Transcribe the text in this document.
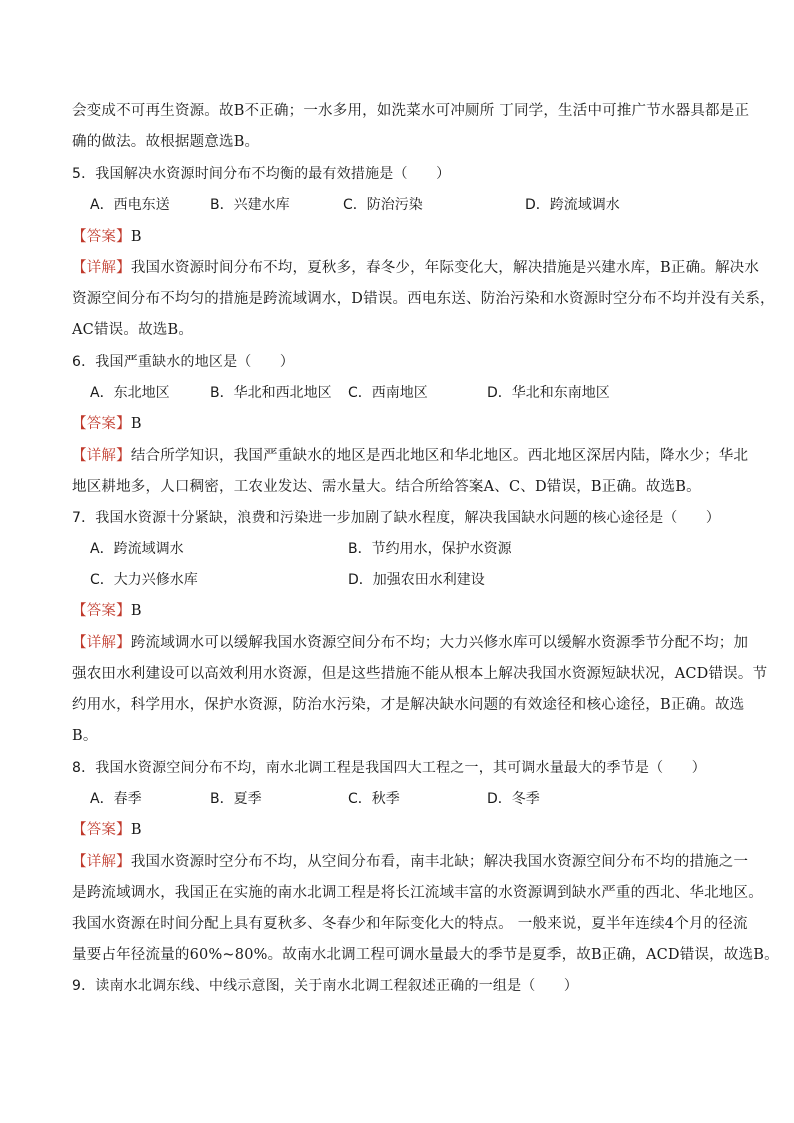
会变成不可再生资源。故B不正确；一水多用，如洗菜水可冲厕所 丁同学，生活中可推广节水器具都是正
确的做法。故根据题意选B。
5．我国解决水资源时间分布不均衡的最有效措施是（　　）
A．西电东送	B．兴建水库	C．防治污染	D．跨流域调水
【答案】B
【详解】我国水资源时间分布不均，夏秋多，春冬少，年际变化大，解决措施是兴建水库，B正确。解决水
资源空间分布不均匀的措施是跨流域调水，D错误。西电东送、防治污染和水资源时空分布不均并没有关系，
AC错误。故选B。
6．我国严重缺水的地区是（　　）
A．东北地区	B．华北和西北地区 C．西南地区	D．华北和东南地区
【答案】B
【详解】结合所学知识，我国严重缺水的地区是西北地区和华北地区。西北地区深居内陆，降水少；华北
地区耕地多，人口稠密，工农业发达、需水量大。结合所给答案A、C、D错误，B正确。故选B。
7．我国水资源十分紧缺，浪费和污染进一步加剧了缺水程度，解决我国缺水问题的核心途径是（　　）
A．跨流域调水	B．节约用水，保护水资源
C．大力兴修水库	D．加强农田水利建设
【答案】B
【详解】跨流域调水可以缓解我国水资源空间分布不均；大力兴修水库可以缓解水资源季节分配不均；加
强农田水利建设可以高效利用水资源，但是这些措施不能从根本上解决我国水资源短缺状况，ACD错误。节
约用水，科学用水，保护水资源，防治水污染，才是解决缺水问题的有效途径和核心途径，B正确。故选
B。
8．我国水资源空间分布不均，南水北调工程是我国四大工程之一，其可调水量最大的季节是（　　）
A．春季	B．夏季	C．秋季	D．冬季
【答案】B
【详解】我国水资源时空分布不均，从空间分布看，南丰北缺；解决我国水资源空间分布不均的措施之一
是跨流域调水，我国正在实施的南水北调工程是将长江流域丰富的水资源调到缺水严重的西北、华北地区。
我国水资源在时间分配上具有夏秋多、冬春少和年际变化大的特点。 一般来说，夏半年连续4个月的径流
量要占年径流量的60%~80%。故南水北调工程可调水量最大的季节是夏季，故B正确，ACD错误，故选B。
9．读南水北调东线、中线示意图，关于南水北调工程叙述正确的一组是（　　）
